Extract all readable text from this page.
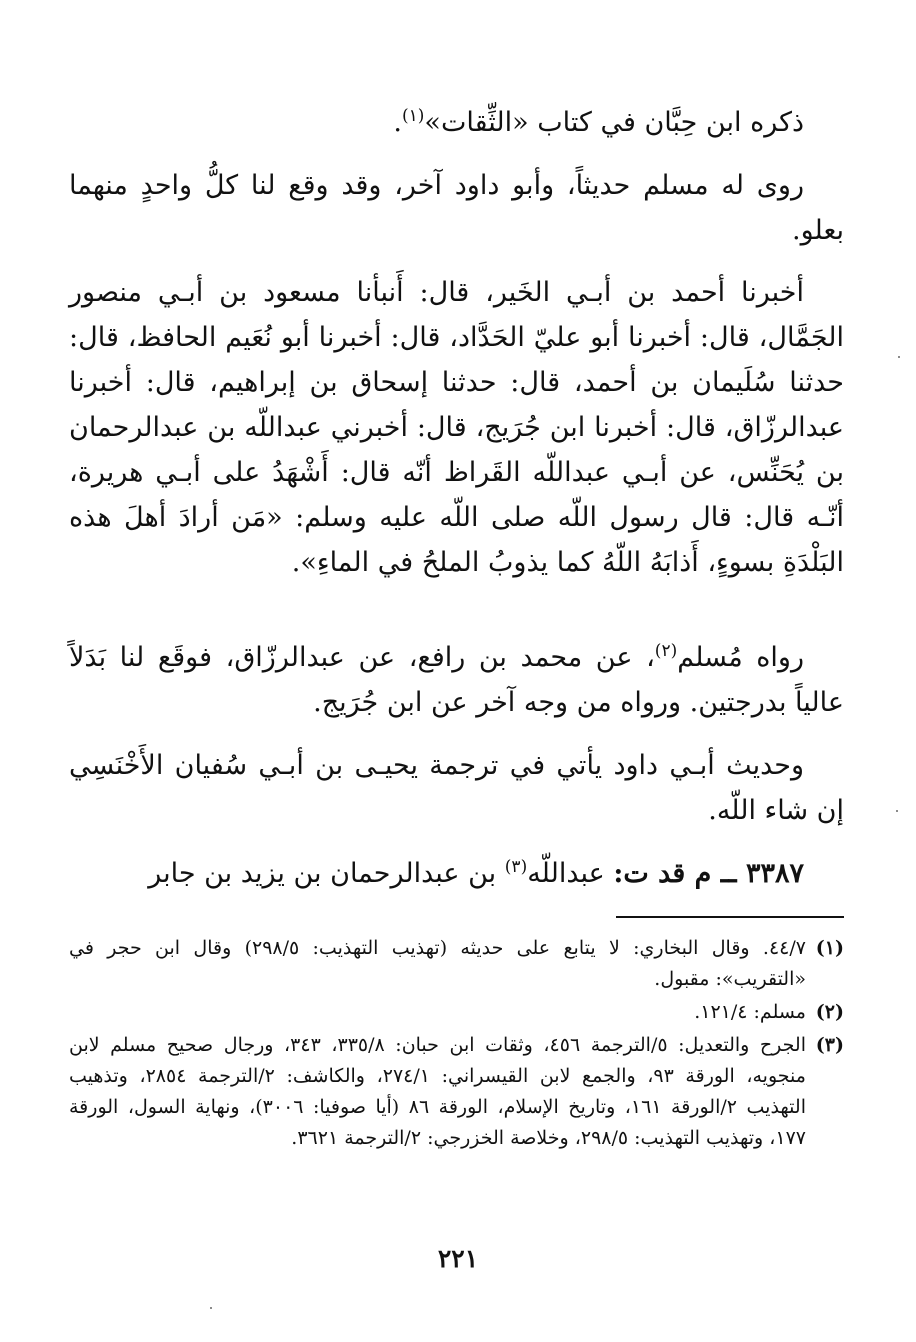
ذكره ابن حِبَّان في كتاب «الثِّقات»$^{(١)}$.

روى له مسلم حديثاً، وأبو داود آخر، وقد وقع لنا كلُّ واحدٍ منهما بعلو.

أخبرنا أحمد بن أبـي الخَير، قال: أَنبأنا مسعود بن أبـي منصور الجَمَّال، قال: أخبرنا أبو عليّ الحَدَّاد، قال: أخبرنا أبو نُعَيم الحافظ، قال: حدثنا سُلَيمان بن أحمد، قال: حدثنا إسحاق بن إبراهيم، قال: أخبرنا عبدالرزّاق، قال: أخبرنا ابن جُرَيج، قال: أخبرني عبداللّه بن عبدالرحمان بن يُحَنِّس، عن أبـي عبداللّه القَراظ أنّه قال: أَشْهَدُ على أبـي هريرة، أنّـه قال: قال رسول اللّه صلى اللّه عليه وسلم: «مَن أرادَ أهلَ هذه البَلْدَةِ بسوءٍ، أَذابَهُ اللّهُ كما يذوبُ الملحُ في الماءِ».

رواه مُسلم$^{(٢)}$، عن محمد بن رافع، عن عبدالرزّاق، فوقَع لنا بَدَلاً عالياً بدرجتين. ورواه من وجه آخر عن ابن جُرَيج.

وحديث أبـي داود يأتي في ترجمة يحيـى بن أبـي سُفيان الأَخْنَسِي إن شاء اللّه.

٣٣٨٧ ــ م قد ت: عبداللّه$^{(٣)}$ بن عبدالرحمان بن يزيد بن جابر

(١)
٤٤/٧. وقال البخاري: لا يتابع على حديثه (تهذيب التهذيب: ٢٩٨/٥) وقال ابن حجر في «التقريب»: مقبول.
(٢)
مسلم: ١٢١/٤.
(٣)
الجرح والتعديل: ٥/الترجمة ٤٥٦، وثقات ابن حبان: ٣٣٥/٨، ٣٤٣، ورجال صحيح مسلم لابن منجويه، الورقة ٩٣، والجمع لابن القيسراني: ٢٧٤/١، والكاشف: ٢/الترجمة ٢٨٥٤، وتذهيب التهذيب ٢/الورقة ١٦١، وتاريخ الإسلام، الورقة ٨٦ (أيا صوفيا: ٣٠٠٦)، ونهاية السول، الورقة ١٧٧، وتهذيب التهذيب: ٢٩٨/٥، وخلاصة الخزرجي: ٢/الترجمة ٣٦٢١.
٢٢١
